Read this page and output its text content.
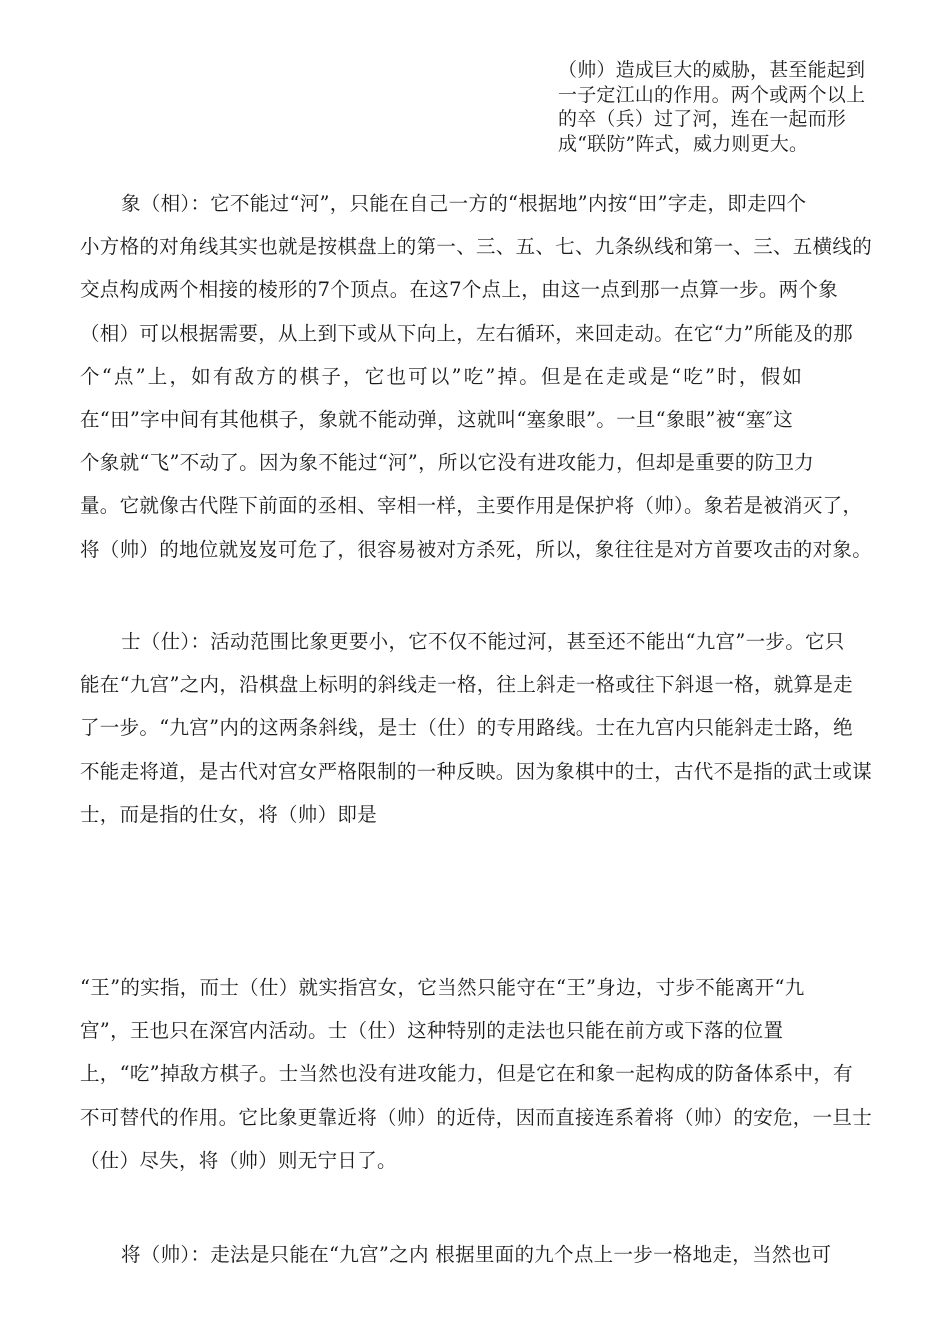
（帅）造成巨大的威胁，甚至能起到
一子定江山的作用。两个或两个以上
的卒（兵）过了河，连在一起而形
成“联防”阵式，威力则更大。
象（相）：它不能过“河”，只能在自己一方的“根据地”内按“田”字走，即走四个
小方格的对角线其实也就是按棋盘上的第一、三、五、七、九条纵线和第一、三、五横线的
交点构成两个相接的棱形的7个顶点。在这7个点上，由这一点到那一点算一步。两个象
（相）可以根据需要，从上到下或从下向上，左右循环，来回走动。在它“力”所能及的那
个“点”上，如有敌方的棋子，它也可以”吃”掉。但是在走或是“吃”时，假如
在“田”字中间有其他棋子，象就不能动弹，这就叫“塞象眼”。一旦“象眼”被“塞″这
个象就“飞”不动了。因为象不能过“河”，所以它没有进攻能力，但却是重要的防卫力
量。它就像古代陛下前面的丞相、宰相一样，主要作用是保护将（帅）。象若是被消灭了，
将（帅）的地位就岌岌可危了，很容易被对方杀死，所以，象往往是对方首要攻击的对象。
士（仕）：活动范围比象更要小，它不仅不能过河，甚至还不能出“九宫”一步。它只
能在“九宫”之内，沿棋盘上标明的斜线走一格，往上斜走一格或往下斜退一格，就算是走
了一步。“九宫”内的这两条斜线，是士（仕）的专用路线。士在九宫内只能斜走士路，绝
不能走将道，是古代对宫女严格限制的一种反映。因为象棋中的士，古代不是指的武士或谋
士，而是指的仕女，将（帅）即是
“王”的实指，而士（仕）就实指宫女，它当然只能守在“王”身边，寸步不能离开“九
宫”，王也只在深宫内活动。士（仕）这种特别的走法也只能在前方或下落的位置
上，“吃”掉敌方棋子。士当然也没有进攻能力，但是它在和象一起构成的防备体系中，有
不可替代的作用。它比象更靠近将（帅）的近侍，因而直接连系着将（帅）的安危，一旦士
（仕）尽失，将（帅）则无宁日了。
将（帅）：走法是只能在“九宫”之内 根据里面的九个点上一步一格地走，当然也可
